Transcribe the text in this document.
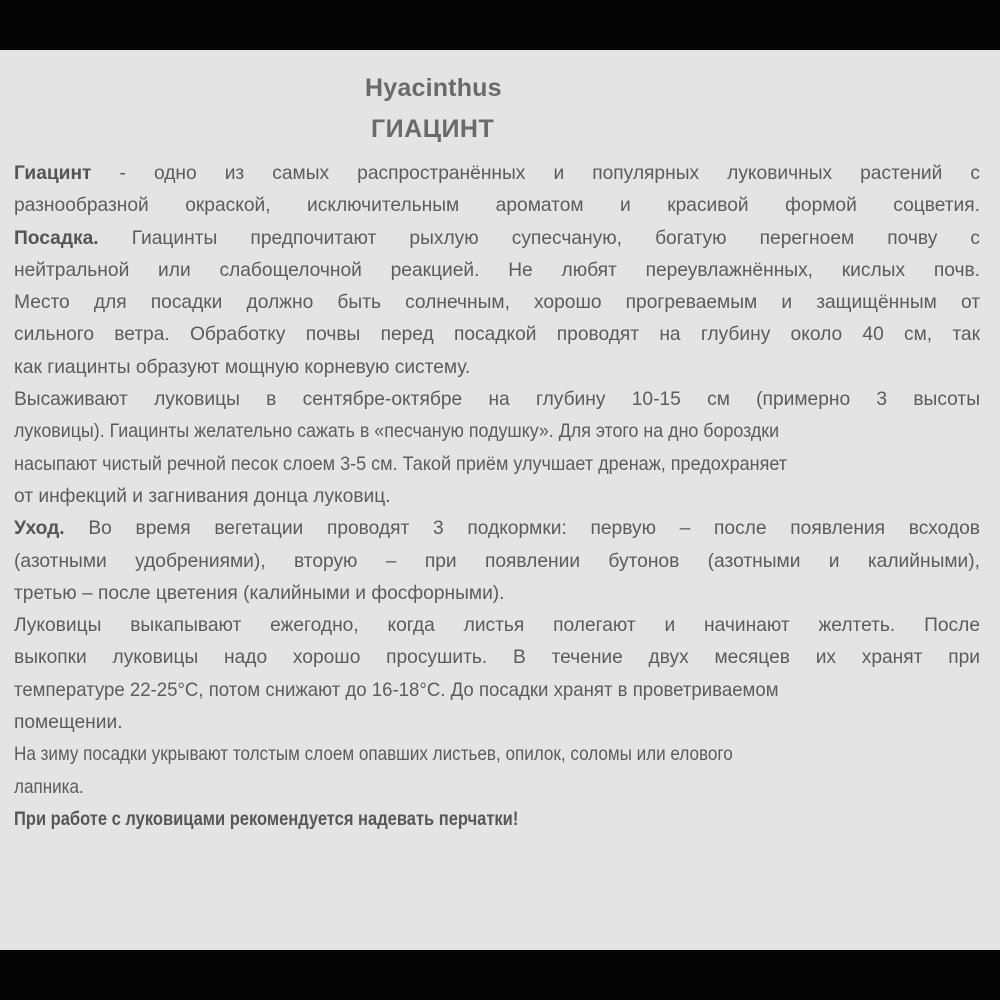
Hyacinthus
ГИАЦИНТ
Гиацинт - одно из самых распространённых и популярных луковичных растений с
разнообразной окраской, исключительным ароматом и красивой формой соцветия.
Посадка. Гиацинты предпочитают рыхлую супесчаную, богатую перегноем почву с
нейтральной или слабощелочной реакцией. Не любят переувлажнённых, кислых почв.
Место для посадки должно быть солнечным, хорошо прогреваемым и защищённым от
сильного ветра. Обработку почвы перед посадкой проводят на глубину около 40 см, так
как гиацинты образуют мощную корневую систему.
Высаживают луковицы в сентябре-октябре на глубину 10-15 см (примерно 3 высоты
луковицы). Гиацинты желательно сажать в «песчаную подушку». Для этого на дно бороздки
насыпают чистый речной песок слоем 3-5 см. Такой приём улучшает дренаж, предохраняет
от инфекций и загнивания донца луковиц.
Уход. Во время вегетации проводят 3 подкормки: первую – после появления всходов
(азотными удобрениями), вторую – при появлении бутонов (азотными и калийными),
третью – после цветения (калийными и фосфорными).
Луковицы выкапывают ежегодно, когда листья полегают и начинают желтеть. После
выкопки луковицы надо хорошо просушить. В течение двух месяцев их хранят при
температуре 22-25°С, потом снижают до 16-18°С. До посадки хранят в проветриваемом
помещении.
На зиму посадки укрывают толстым слоем опавших листьев, опилок, соломы или елового
лапника.
При работе с луковицами рекомендуется надевать перчатки!
